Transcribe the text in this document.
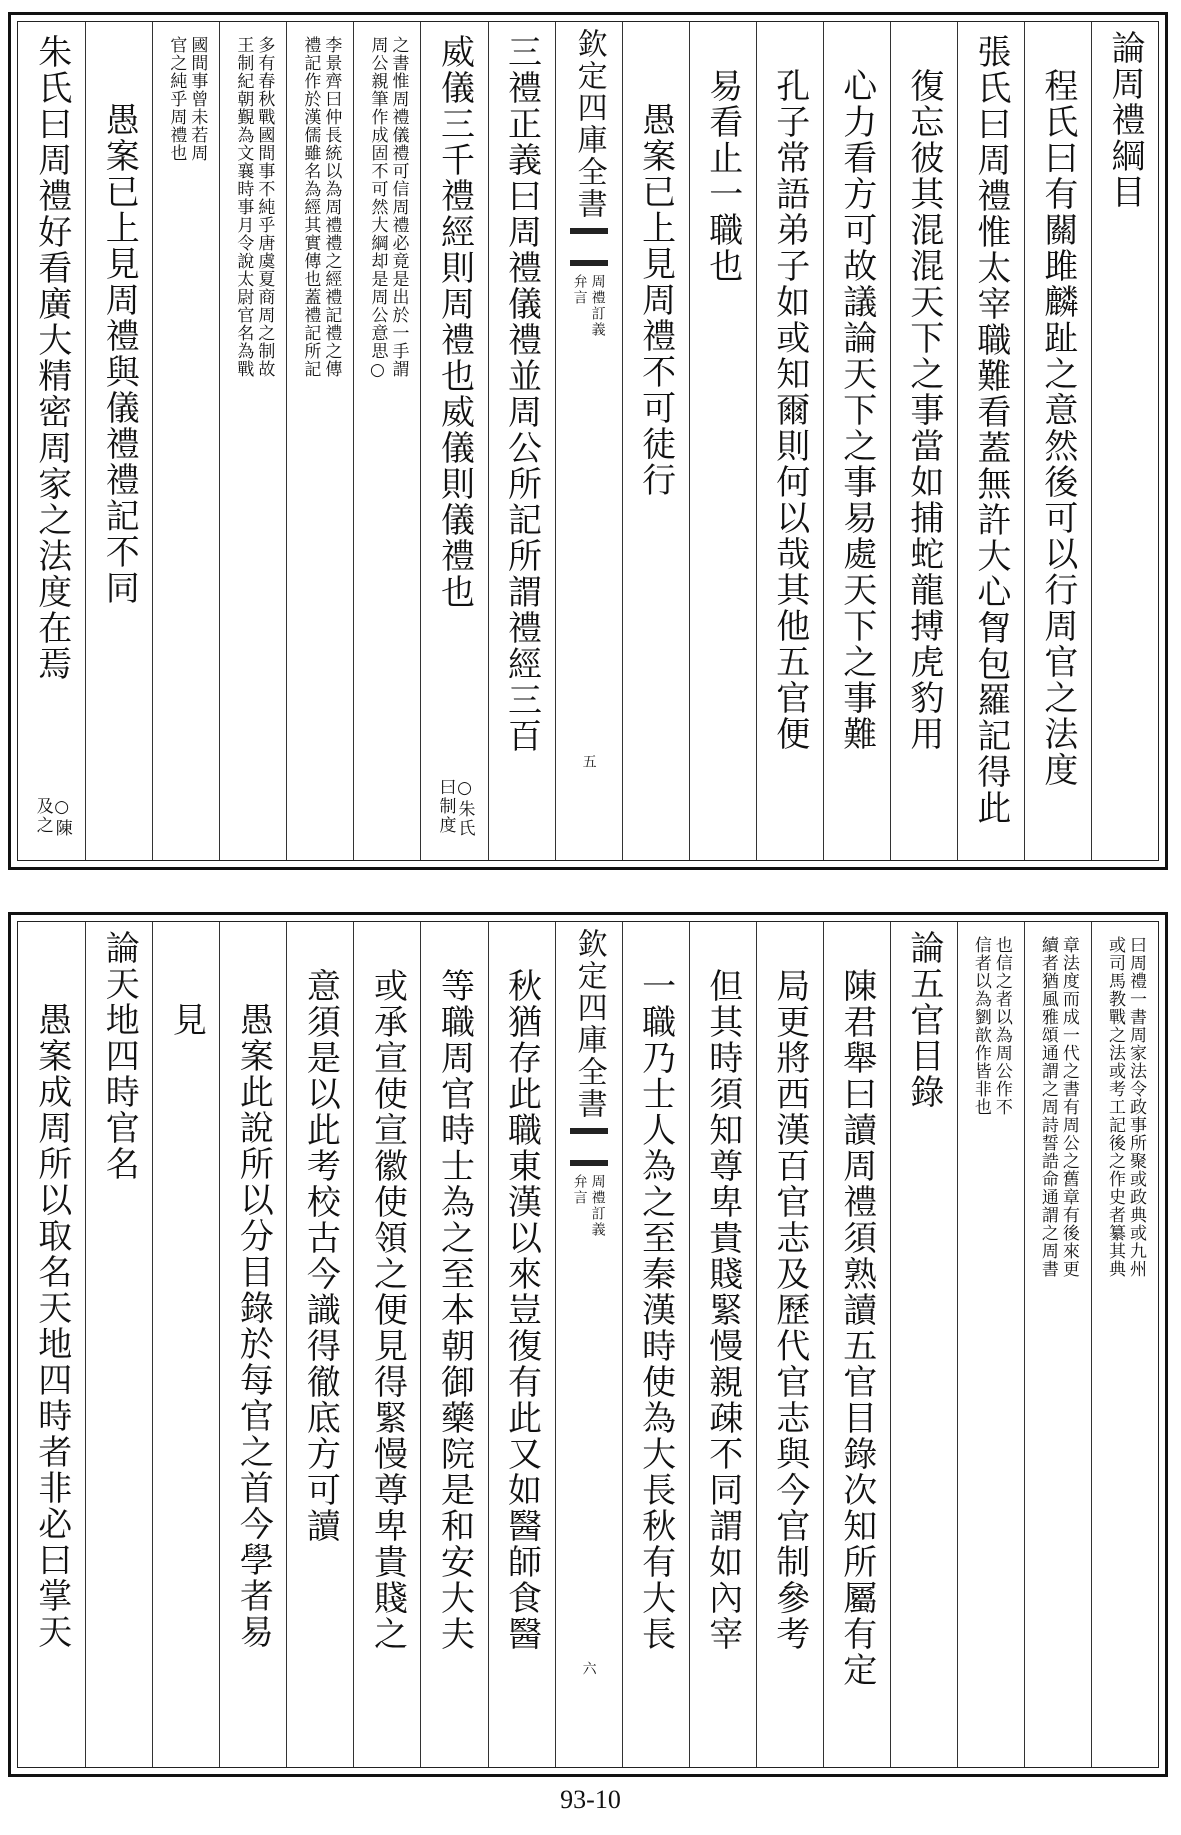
論周禮綱目
程氏曰有關雎麟趾之意然後可以行周官之法度
張氏曰周禮惟太宰職難看蓋無許大心胷包羅記得此
復忘彼其混混天下之事當如捕蛇龍搏虎豹用
心力看方可故議論天下之事易處天下之事難
孔子常語弟子如或知爾則何以哉其他五官便
易看止一職也
愚案已上見周禮不可徒行
欽定四庫全書
周禮訂義
弁言
五
三禮正義曰周禮儀禮並周公所記所謂禮經三百
威儀三千禮經則周禮也威儀則儀禮也
○朱氏
曰制度
之書惟周禮儀禮可信周禮必竟是出於一手謂
周公親筆作成固不可然大綱却是周公意思○
李景齊曰仲長統以為周禮禮之經禮記禮之傳
禮記作於漢儒雖名為經其實傳也蓋禮記所記
多有春秋戰國間事不純乎唐虞夏商周之制故
王制紀朝覲為文襄時事月令說太尉官名為戰
國間事曾未若周
官之純乎周禮也
愚案已上見周禮與儀禮禮記不同
朱氏曰周禮好看廣大精密周家之法度在焉
○陳
及之
曰周禮一書周家法令政事所聚或政典或九州
或司馬教戰之法或考工記後之作史者纂其典
章法度而成一代之書有周公之舊章有後來更
續者猶風雅頌通謂之周詩誓誥命通謂之周書
也信之者以為周公作不
信者以為劉歆作皆非也
論五官目錄
陳君舉曰讀周禮須熟讀五官目錄次知所屬有定
局更將西漢百官志及歷代官志與今官制參考
但其時須知尊卑貴賤緊慢親疎不同謂如內宰
一職乃士人為之至秦漢時使為大長秋有大長
欽定四庫全書
周禮訂義
弁言
六
秋猶存此職東漢以來豈復有此又如醫師食醫
等職周官時士為之至本朝御藥院是和安大夫
或承宣使宣徽使領之便見得緊慢尊卑貴賤之
意須是以此考校古今識得徹底方可讀
愚案此說所以分目錄於每官之首今學者易
見
論天地四時官名
愚案成周所以取名天地四時者非必曰掌天
93-10
